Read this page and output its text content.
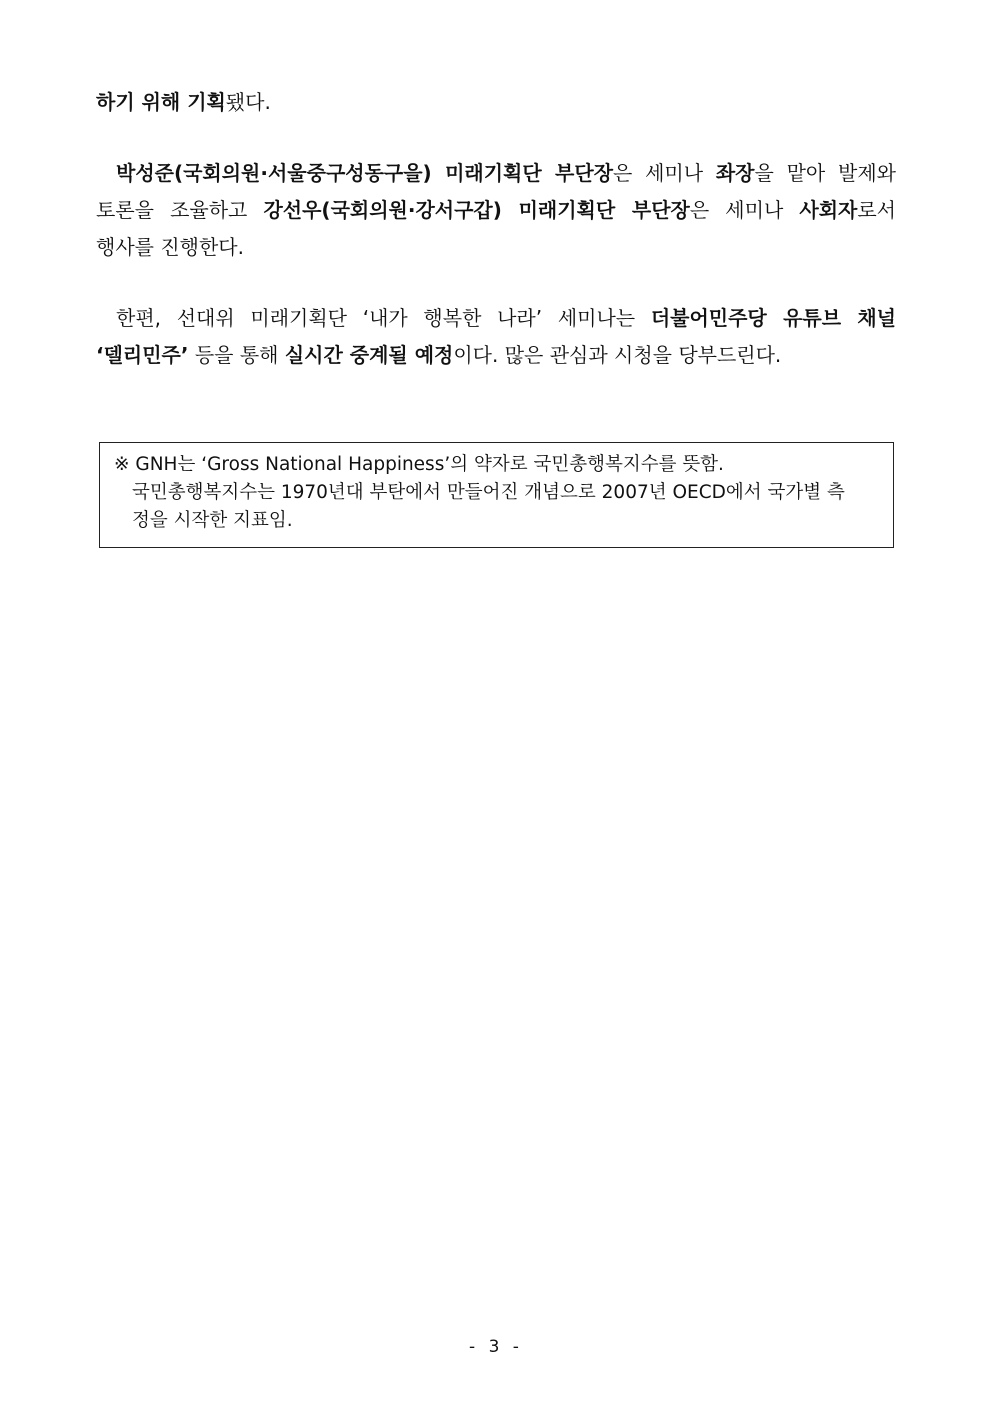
하기 위해 기획됐다.

박성준(국회의원·서울중구성동구을) 미래기획단 부단장은 세미나 좌장을 맡아 발제와 토론을 조율하고 강선우(국회의원·강서구갑) 미래기획단 부단장은 세미나 사회자로서 행사를 진행한다.

한편, 선대위 미래기획단 ‘내가 행복한 나라’ 세미나는 더불어민주당 유튜브 채널 ‘델리민주’ 등을 통해 실시간 중계될 예정이다. 많은 관심과 시청을 당부드린다.

※ GNH는 ‘Gross National Happiness’의 약자로 국민총행복지수를 뜻함.
국민총행복지수는 1970년대 부탄에서 만들어진 개념으로 2007년 OECD에서 국가별 측
정을 시작한 지표임.
- 3 -
